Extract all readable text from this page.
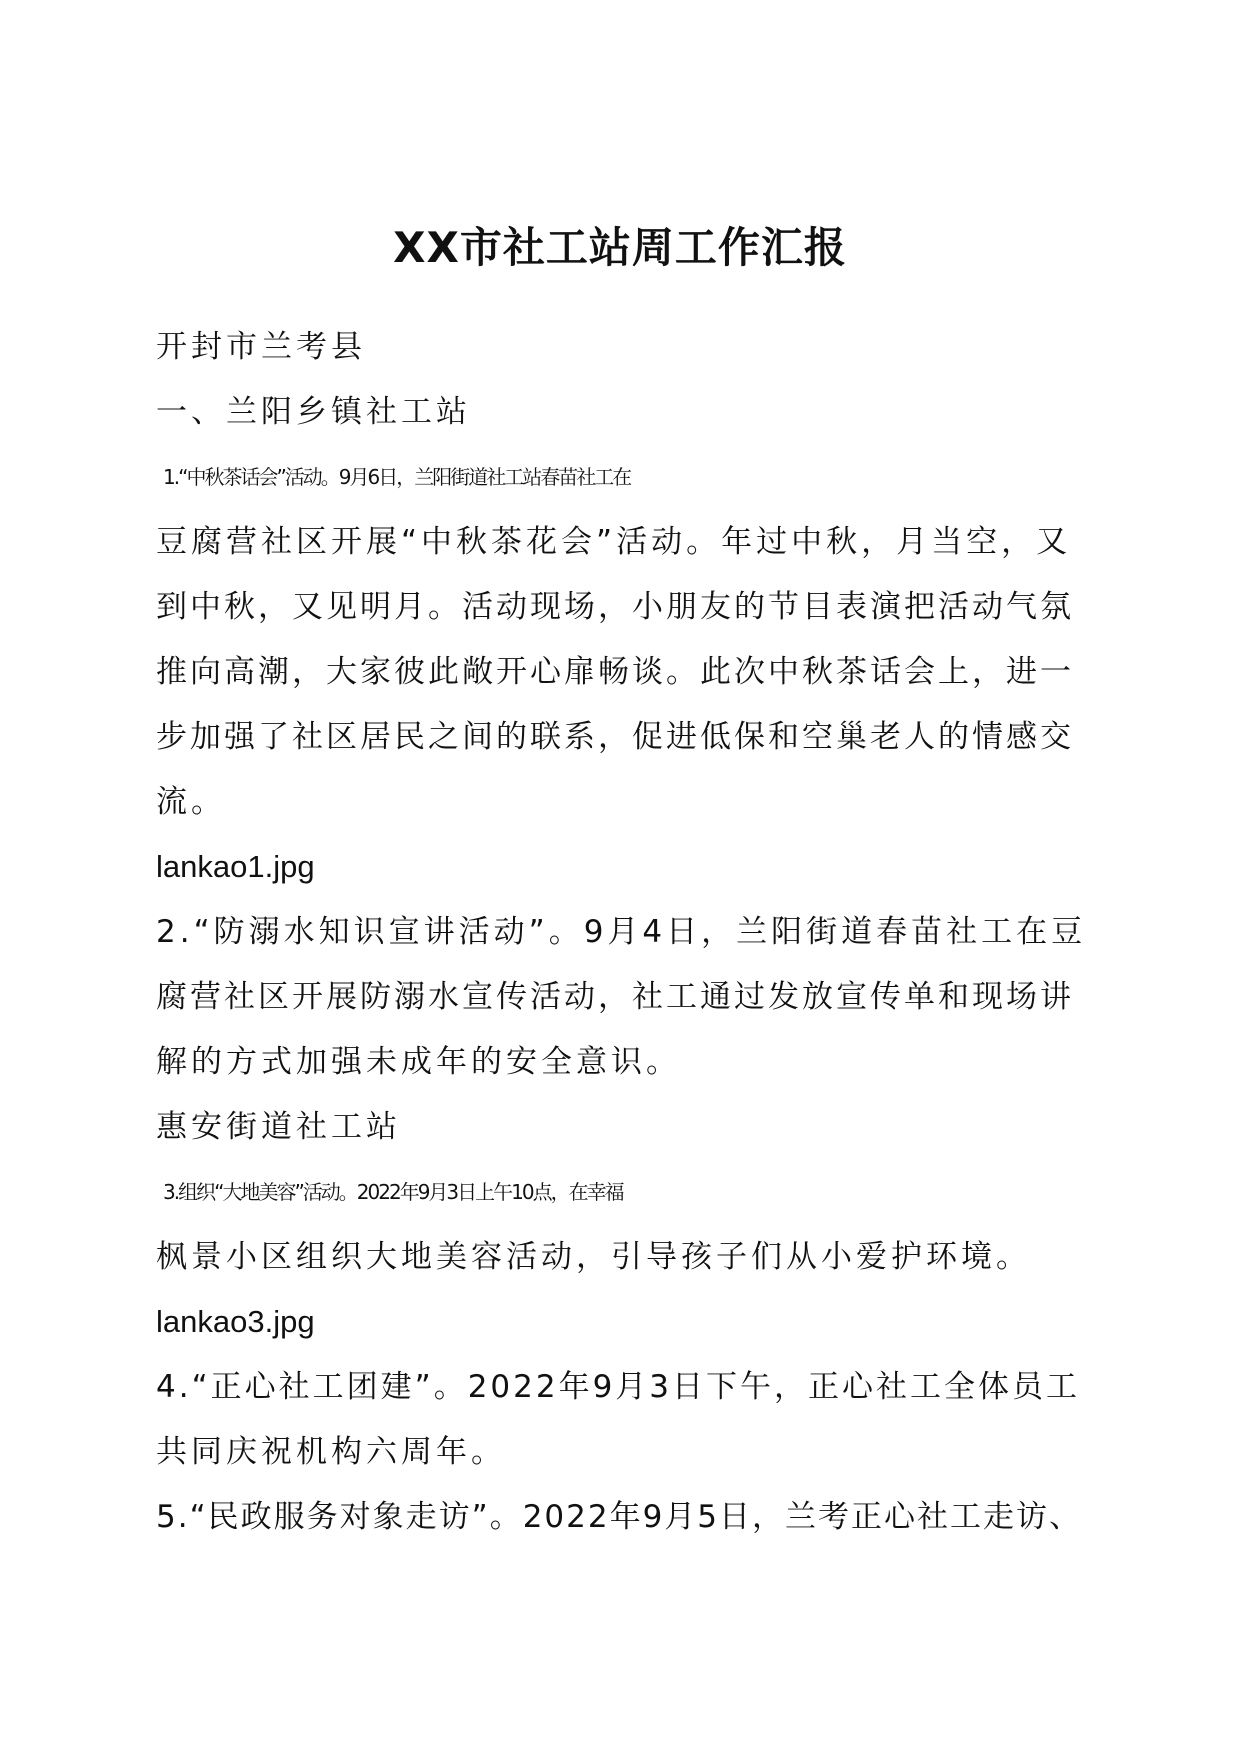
XX市社工站周工作汇报
开封市兰考县
一、兰阳乡镇社工站
1.“中秋茶话会”活动。9月6日，兰阳街道社工站春苗社工在
豆腐营社区开展“中秋茶花会”活动。年过中秋，月当空，又
到中秋，又见明月。活动现场，小朋友的节目表演把活动气氛
推向高潮，大家彼此敞开心扉畅谈。此次中秋茶话会上，进一
步加强了社区居民之间的联系，促进低保和空巢老人的情感交
流。
lankao1.jpg
2.“防溺水知识宣讲活动”。9月4日，兰阳街道春苗社工在豆
腐营社区开展防溺水宣传活动，社工通过发放宣传单和现场讲
解的方式加强未成年的安全意识。
惠安街道社工站
3.组织“大地美容”活动。2022年9月3日上午10点，在幸福
枫景小区组织大地美容活动，引导孩子们从小爱护环境。
lankao3.jpg
4.“正心社工团建”。2022年9月3日下午，正心社工全体员工
共同庆祝机构六周年。
5.“民政服务对象走访”。2022年9月5日，兰考正心社工走访、
